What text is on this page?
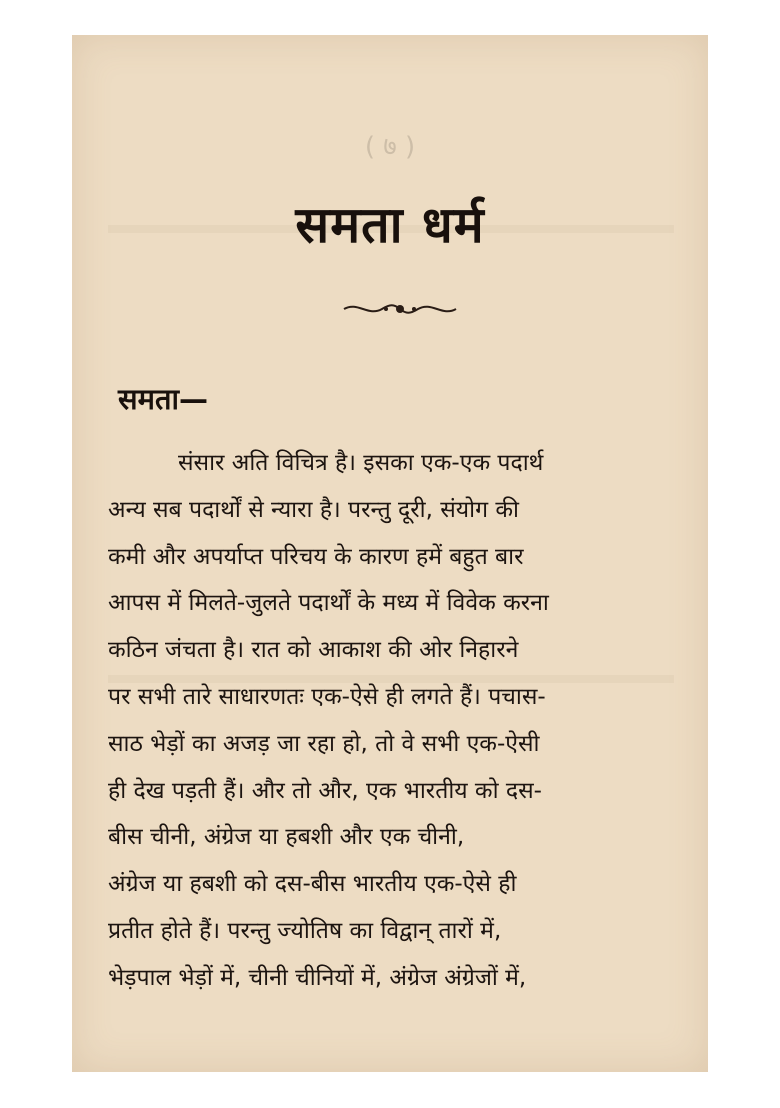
( ७ )
समता धर्म
समता—
संसार अति विचित्र है। इसका एक-एक पदार्थ
अन्य सब पदार्थों से न्यारा है। परन्तु दूरी, संयोग की
कमी और अपर्याप्त परिचय के कारण हमें बहुत बार
आपस में मिलते-जुलते पदार्थों के मध्य में विवेक करना
कठिन जंचता है। रात को आकाश की ओर निहारने
पर सभी तारे साधारणतः एक-ऐसे ही लगते हैं। पचास-
साठ भेड़ों का अजड़ जा रहा हो, तो वे सभी एक-ऐसी
ही देख पड़ती हैं। और तो और, एक भारतीय को दस-
बीस चीनी, अंग्रेज या हबशी और एक चीनी,
अंग्रेज या हबशी को दस-बीस भारतीय एक-ऐसे ही
प्रतीत होते हैं। परन्तु ज्योतिष का विद्वान् तारों में,
भेड़पाल भेड़ों में, चीनी चीनियों में, अंग्रेज अंग्रेजों में,
